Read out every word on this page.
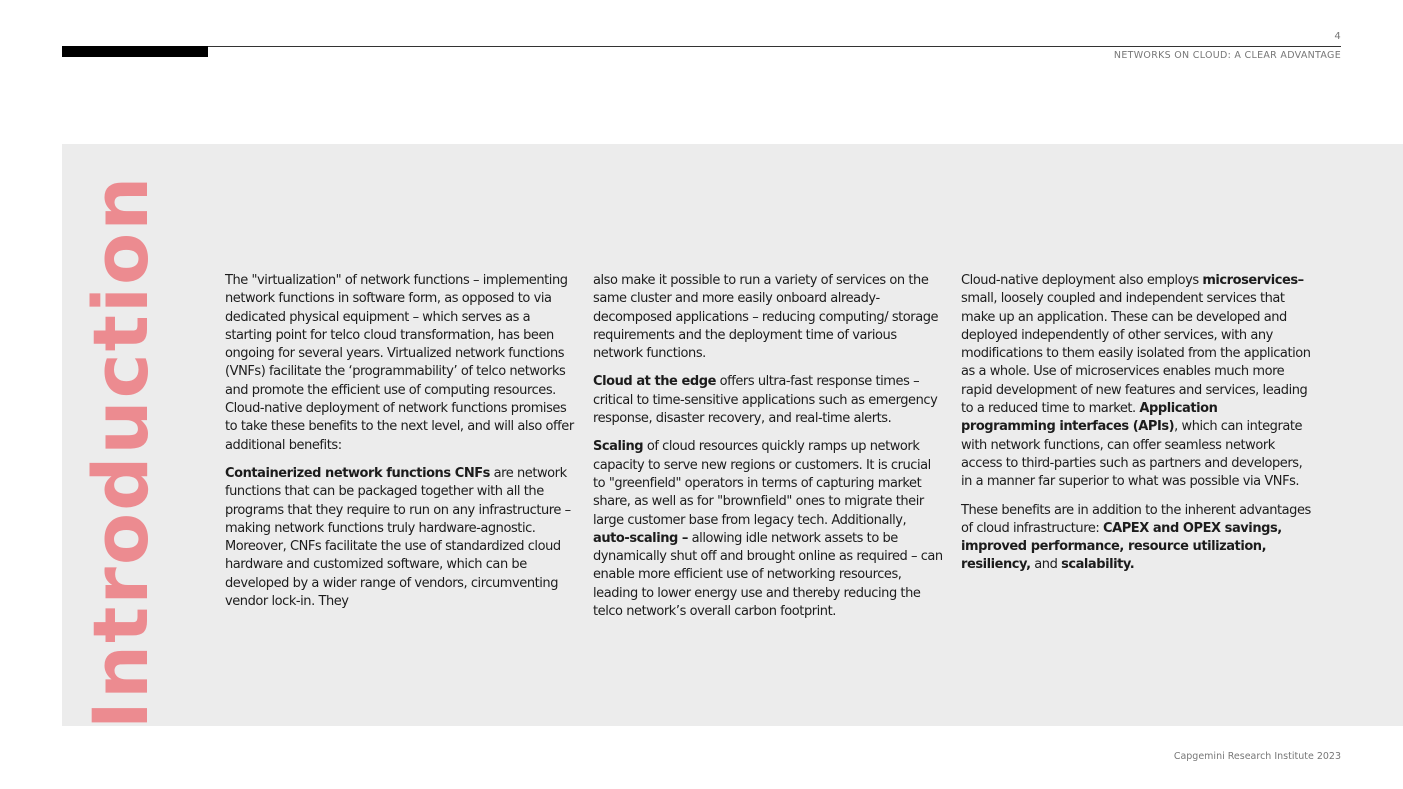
4
NETWORKS ON CLOUD: A CLEAR ADVANTAGE
Introduction	The "virtualization" of network functions – implementing network functions in software form, as opposed to via dedicated physical equipment – which serves as a starting point for telco cloud transformation, has been ongoing for several years. Virtualized network functions (VNFs) facilitate the ‘programmability’ of telco networks and promote the efficient use of computing resources. Cloud-native deployment of network functions promises to take these benefits to the next level, and will also offer additional benefits:

Containerized network functions CNFs are network functions that can be packaged together with all the programs that they require to run on any infrastructure – making network functions truly hardware-agnostic. Moreover, CNFs facilitate the use of standardized cloud hardware and customized software, which can be developed by a wider range of vendors, circumventing vendor lock-in. They

also make it possible to run a variety of services on the same cluster and more easily onboard already-decomposed applications – reducing computing/ storage requirements and the deployment time of various network functions.

Cloud at the edge offers ultra-fast response times – critical to time-sensitive applications such as emergency response, disaster recovery, and real-time alerts.

Scaling of cloud resources quickly ramps up network capacity to serve new regions or customers. It is crucial to "greenfield" operators in terms of capturing market share, as well as for "brownfield" ones to migrate their large customer base from legacy tech. Additionally, auto-scaling – allowing idle network assets to be dynamically shut off and brought online as required – can enable more efficient use of networking resources, leading to lower energy use and thereby reducing the telco network’s overall carbon footprint.

Cloud-native deployment also employs microservices– small, loosely coupled and independent services that make up an application. These can be developed and deployed independently of other services, with any modifications to them easily isolated from the application as a whole. Use of microservices enables much more rapid development of new features and services, leading to a reduced time to market. Application programming interfaces (APIs), which can integrate with network functions, can offer seamless network access to third-parties such as partners and developers, in a manner far superior to what was possible via VNFs.

These benefits are in addition to the inherent advantages of cloud infrastructure: CAPEX and OPEX savings, improved performance, resource utilization, resiliency, and scalability.

Capgemini Research Institute 2023
